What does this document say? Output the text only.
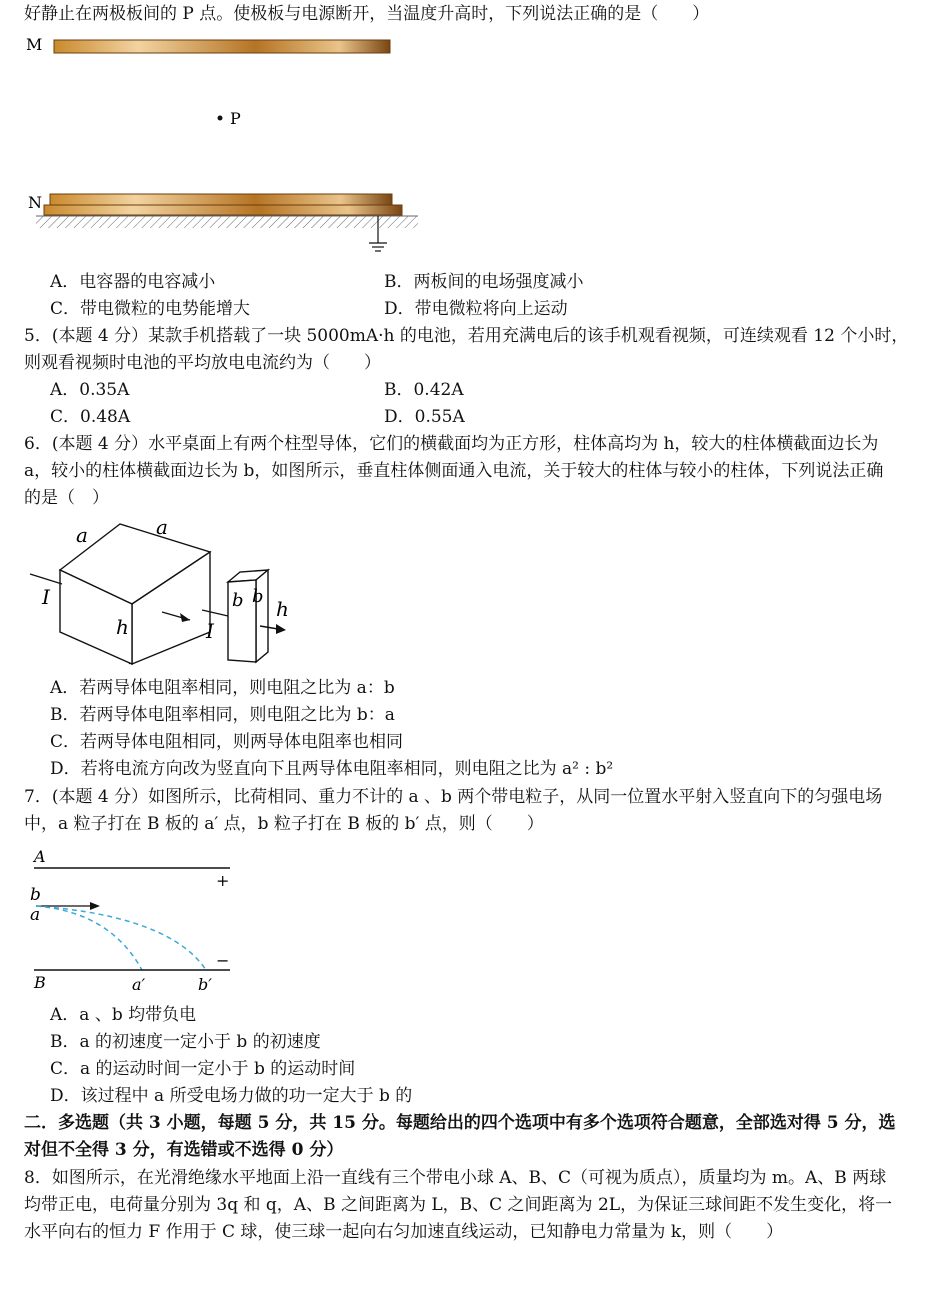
好静止在两极板间的 P 点。使极板与电源断开，当温度升高时，下列说法正确的是（　　）
M
P
N
A．电容器的电容减小	B．两板间的电场强度减小
C．带电微粒的电势能增大	D．带电微粒将向上运动
5．(本题 4 分）某款手机搭载了一块 5000mA·h 的电池，若用充满电后的该手机观看视频，可连续观看 12 个小时，
则观看视频时电池的平均放电电流约为（　　）
A．0.35A	B．0.42A
C．0.48A	D．0.55A
6．(本题 4 分）水平桌面上有两个柱型导体，它们的横截面均为正方形，柱体高均为 h，较大的柱体横截面边长为
a，较小的柱体横截面边长为 b，如图所示，垂直柱体侧面通入电流，关于较大的柱体与较小的柱体，下列说法正确
的是（　）
a	a
h
I	b b
h
I
A．若两导体电阻率相同，则电阻之比为 a：b
B．若两导体电阻率相同，则电阻之比为 b：a
C．若两导体电阻相同，则两导体电阻率也相同
D．若将电流方向改为竖直向下且两导体电阻率相同，则电阻之比为 a² : b²
7．(本题 4 分）如图所示，比荷相同、重力不计的 a 、b 两个带电粒子，从同一位置水平射入竖直向下的匀强电场
中，a 粒子打在 B 板的 a′ 点，b 粒子打在 B 板的 b′ 点，则（　　）
A
+
b
a
−
B	a′	b′
A．a 、b 均带负电
B．a 的初速度一定小于 b 的初速度
C．a 的运动时间一定小于 b 的运动时间
D．该过程中 a 所受电场力做的功一定大于 b 的
二．多选题（共 3 小题，每题 5 分，共 15 分。每题给出的四个选项中有多个选项符合题意，全部选对得 5 分，选
对但不全得 3 分，有选错或不选得 0 分）
8．如图所示，在光滑绝缘水平地面上沿一直线有三个带电小球 A、B、C（可视为质点），质量均为 m。A、B 两球
均带正电，电荷量分别为 3q 和 q，A、B 之间距离为 L，B、C 之间距离为 2L，为保证三球间距不发生变化，将一
水平向右的恒力 F 作用于 C 球，使三球一起向右匀加速直线运动，已知静电力常量为 k，则（　　）
